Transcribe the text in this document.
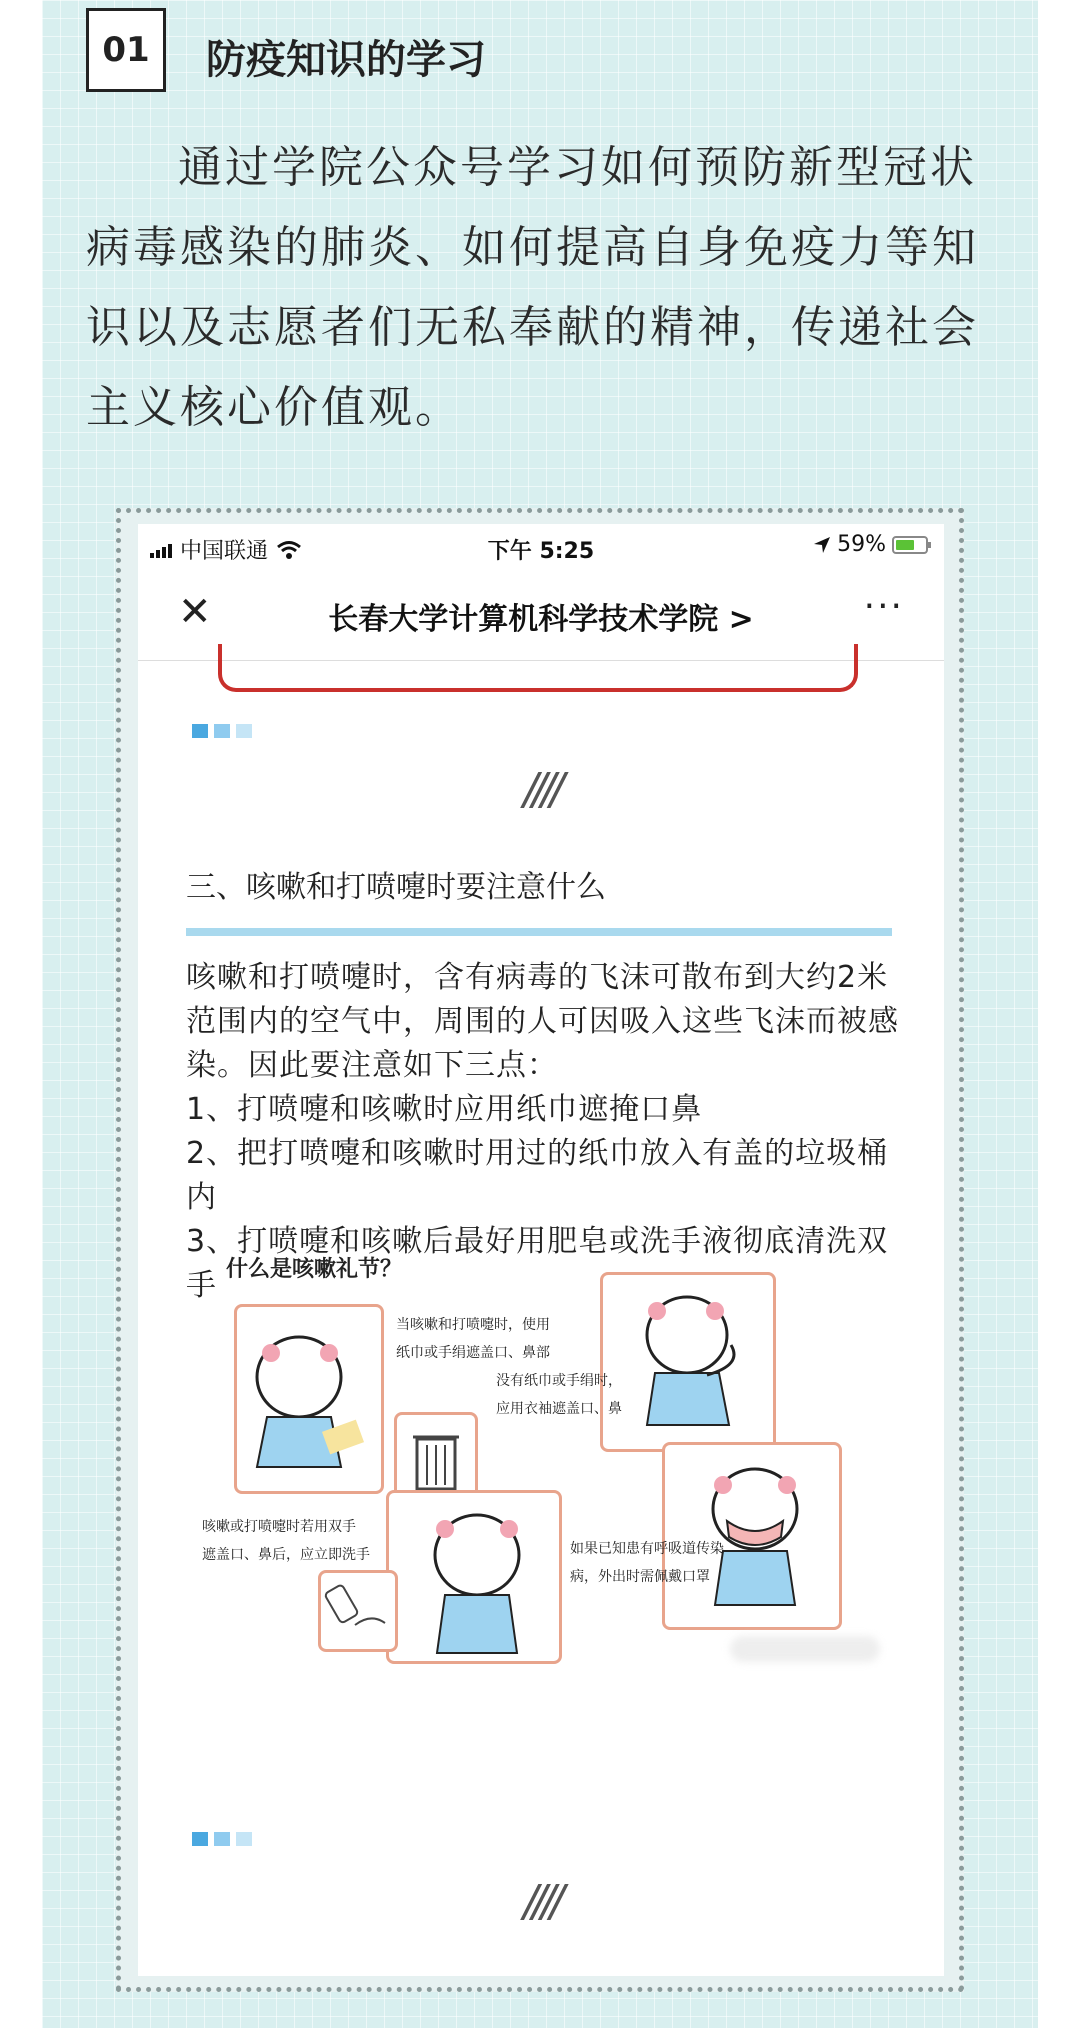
01	防疫知识的学习
通过学院公众号学习如何预防新型冠状病毒感染的肺炎、如何提高自身免疫力等知识以及志愿者们无私奉献的精神，传递社会主义核心价值观。
中国联通	下午 5:25	59%
✕	长春大学计算机科学技术学院 >	···
////
三、咳嗽和打喷嚏时要注意什么
咳嗽和打喷嚏时，含有病毒的飞沫可散布到大约2米范围内的空气中，周围的人可因吸入这些飞沫而被感染。因此要注意如下三点：
1、打喷嚏和咳嗽时应用纸巾遮掩口鼻
2、把打喷嚏和咳嗽时用过的纸巾放入有盖的垃圾桶内
3、打喷嚏和咳嗽后最好用肥皂或洗手液彻底清洗双手 什么是咳嗽礼节？
当咳嗽和打喷嚏时，使用
纸巾或手绢遮盖口、鼻部
没有纸巾或手绢时，
应用衣袖遮盖口、鼻
咳嗽或打喷嚏时若用双手
遮盖口、鼻后，应立即洗手	如果已知患有呼吸道传染
病，外出时需佩戴口罩
////
